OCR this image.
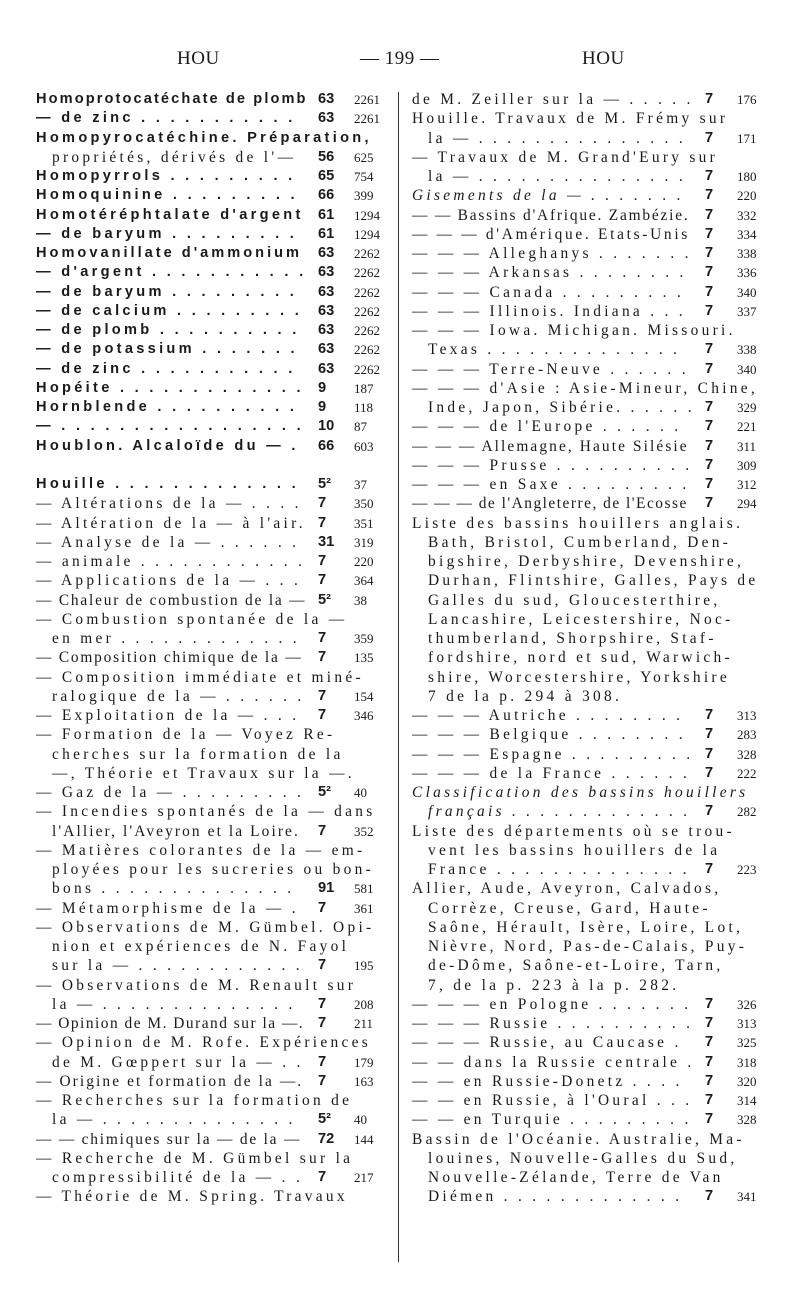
HOU	— 199 —	HOU
Homoprotocatéchate de plomb 63 2261
— de zinc . . . . . . . . . . . 63 2261
Homopyrocatéchine. Préparation,
propriétés, dérivés de l'— 56 625
Homopyrrols . . . . . . . . . 65 754
Homoquinine . . . . . . . . . 66 399
Homotéréphtalate d'argent 61 1294
— de baryum . . . . . . . . . 61 1294
Homovanillate d'ammonium 63 2262
— d'argent . . . . . . . . . . . 63 2262
— de baryum . . . . . . . . . 63 2262
— de calcium . . . . . . . . . 63 2262
— de plomb . . . . . . . . . . 63 2262
— de potassium . . . . . . . 63 2262
— de zinc . . . . . . . . . . . 63 2262
Hopéite . . . . . . . . . . . . . 9 187
Hornblende . . . . . . . . . . 9 118
— . . . . . . . . . . . . . . . . . 10 87
Houblon. Alcaloïde du — . 66 603
Houille . . . . . . . . . . . . . 5² 37
— Altérations de la — . . . . 7 350
— Altération de la — à l'air. 7 351
— Analyse de la — . . . . . . 31 319
— animale . . . . . . . . . . . . 7 220
— Applications de la — . . . 7 364
— Chaleur de combustion de la — 5² 38
— Combustion spontanée de la —
en mer . . . . . . . . . . . . . 7 359
— Composition chimique de la — 7 135
— Composition immédiate et miné-
ralogique de la — . . . . . . 7 154
— Exploitation de la — . . . 7 346
— Formation de la — Voyez Re-
cherches sur la formation de la
—, Théorie et Travaux sur la —.
— Gaz de la — . . . . . . . . . 5² 40
— Incendies spontanés de la — dans
l'Allier, l'Aveyron et la Loire. 7 352
— Matières colorantes de la — em-
ployées pour les sucreries ou bon-
bons . . . . . . . . . . . . . . 91 581
— Métamorphisme de la — . 7 361
— Observations de M. Gümbel. Opi-
nion et expériences de N. Fayol
sur la — . . . . . . . . . . . . 7 195
— Observations de M. Renault sur
la — . . . . . . . . . . . . . . 7 208
— Opinion de M. Durand sur la —. 7 211
— Opinion de M. Rofe. Expériences
de M. Gœppert sur la — . . 7 179
— Origine et formation de la —. 7 163
— Recherches sur la formation de
la — . . . . . . . . . . . . . . 5² 40
— — chimiques sur la — de la — 72 144
— Recherche de M. Gümbel sur la
compressibilité de la — . . 7 217
— Théorie de M. Spring. Travaux
de M. Zeiller sur la — . . . . . 7 176
Houille. Travaux de M. Frémy sur
la — . . . . . . . . . . . . . . . 7 171
— Travaux de M. Grand'Eury sur
la — . . . . . . . . . . . . . . . 7 180
Gisements de la — . . . . . . . 7 220
— — Bassins d'Afrique. Zambézie. 7 332
— — — d'Amérique. Etats-Unis 7 334
— — — Alleghanys . . . . . . . 7 338
— — — Arkansas . . . . . . . . 7 336
— — — Canada . . . . . . . . . 7 340
— — — Illinois. Indiana . . . 7 337
— — — Iowa. Michigan. Missouri.
Texas . . . . . . . . . . . . . . 7 338
— — — Terre-Neuve . . . . . . 7 340
— — — d'Asie : Asie-Mineur, Chine,
Inde, Japon, Sibérie. . . . . . 7 329
— — — de l'Europe . . . . . . 7 221
— — — Allemagne, Haute Silésie 7 311
— — — Prusse . . . . . . . . . . 7 309
— — — en Saxe . . . . . . . . . 7 312
— — — de l'Angleterre, de l'Ecosse 7 294
Liste des bassins houillers anglais.
Bath, Bristol, Cumberland, Den-
bigshire, Derbyshire, Devenshire,
Durhan, Flintshire, Galles, Pays de
Galles du sud, Gloucesterthire,
Lancashire, Leicestershire, Noc-
thumberland, Shorpshire, Staf-
fordshire, nord et sud, Warwich-
shire, Worcestershire, Yorkshire
7 de la p. 294 à 308.
— — — Autriche . . . . . . . . 7 313
— — — Belgique . . . . . . . . 7 283
— — — Espagne . . . . . . . . . 7 328
— — — de la France . . . . . . 7 222
Classification des bassins houillers
français . . . . . . . . . . . . . 7 282
Liste des départements où se trou-
vent les bassins houillers de la
France . . . . . . . . . . . . . . 7 223
Allier, Aude, Aveyron, Calvados,
Corrèze, Creuse, Gard, Haute-
Saône, Hérault, Isère, Loire, Lot,
Nièvre, Nord, Pas-de-Calais, Puy-
de-Dôme, Saône-et-Loire, Tarn,
7, de la p. 223 à la p. 282.
— — — en Pologne . . . . . . . 7 326
— — — Russie . . . . . . . . . . 7 313
— — — Russie, au Caucase . 7 325
— — dans la Russie centrale . 7 318
— — en Russie-Donetz . . . . 7 320
— — en Russie, à l'Oural . . . 7 314
— — en Turquie . . . . . . . . . 7 328
Bassin de l'Océanie. Australie, Ma-
louines, Nouvelle-Galles du Sud,
Nouvelle-Zélande, Terre de Van
Diémen . . . . . . . . . . . . . 7 341
